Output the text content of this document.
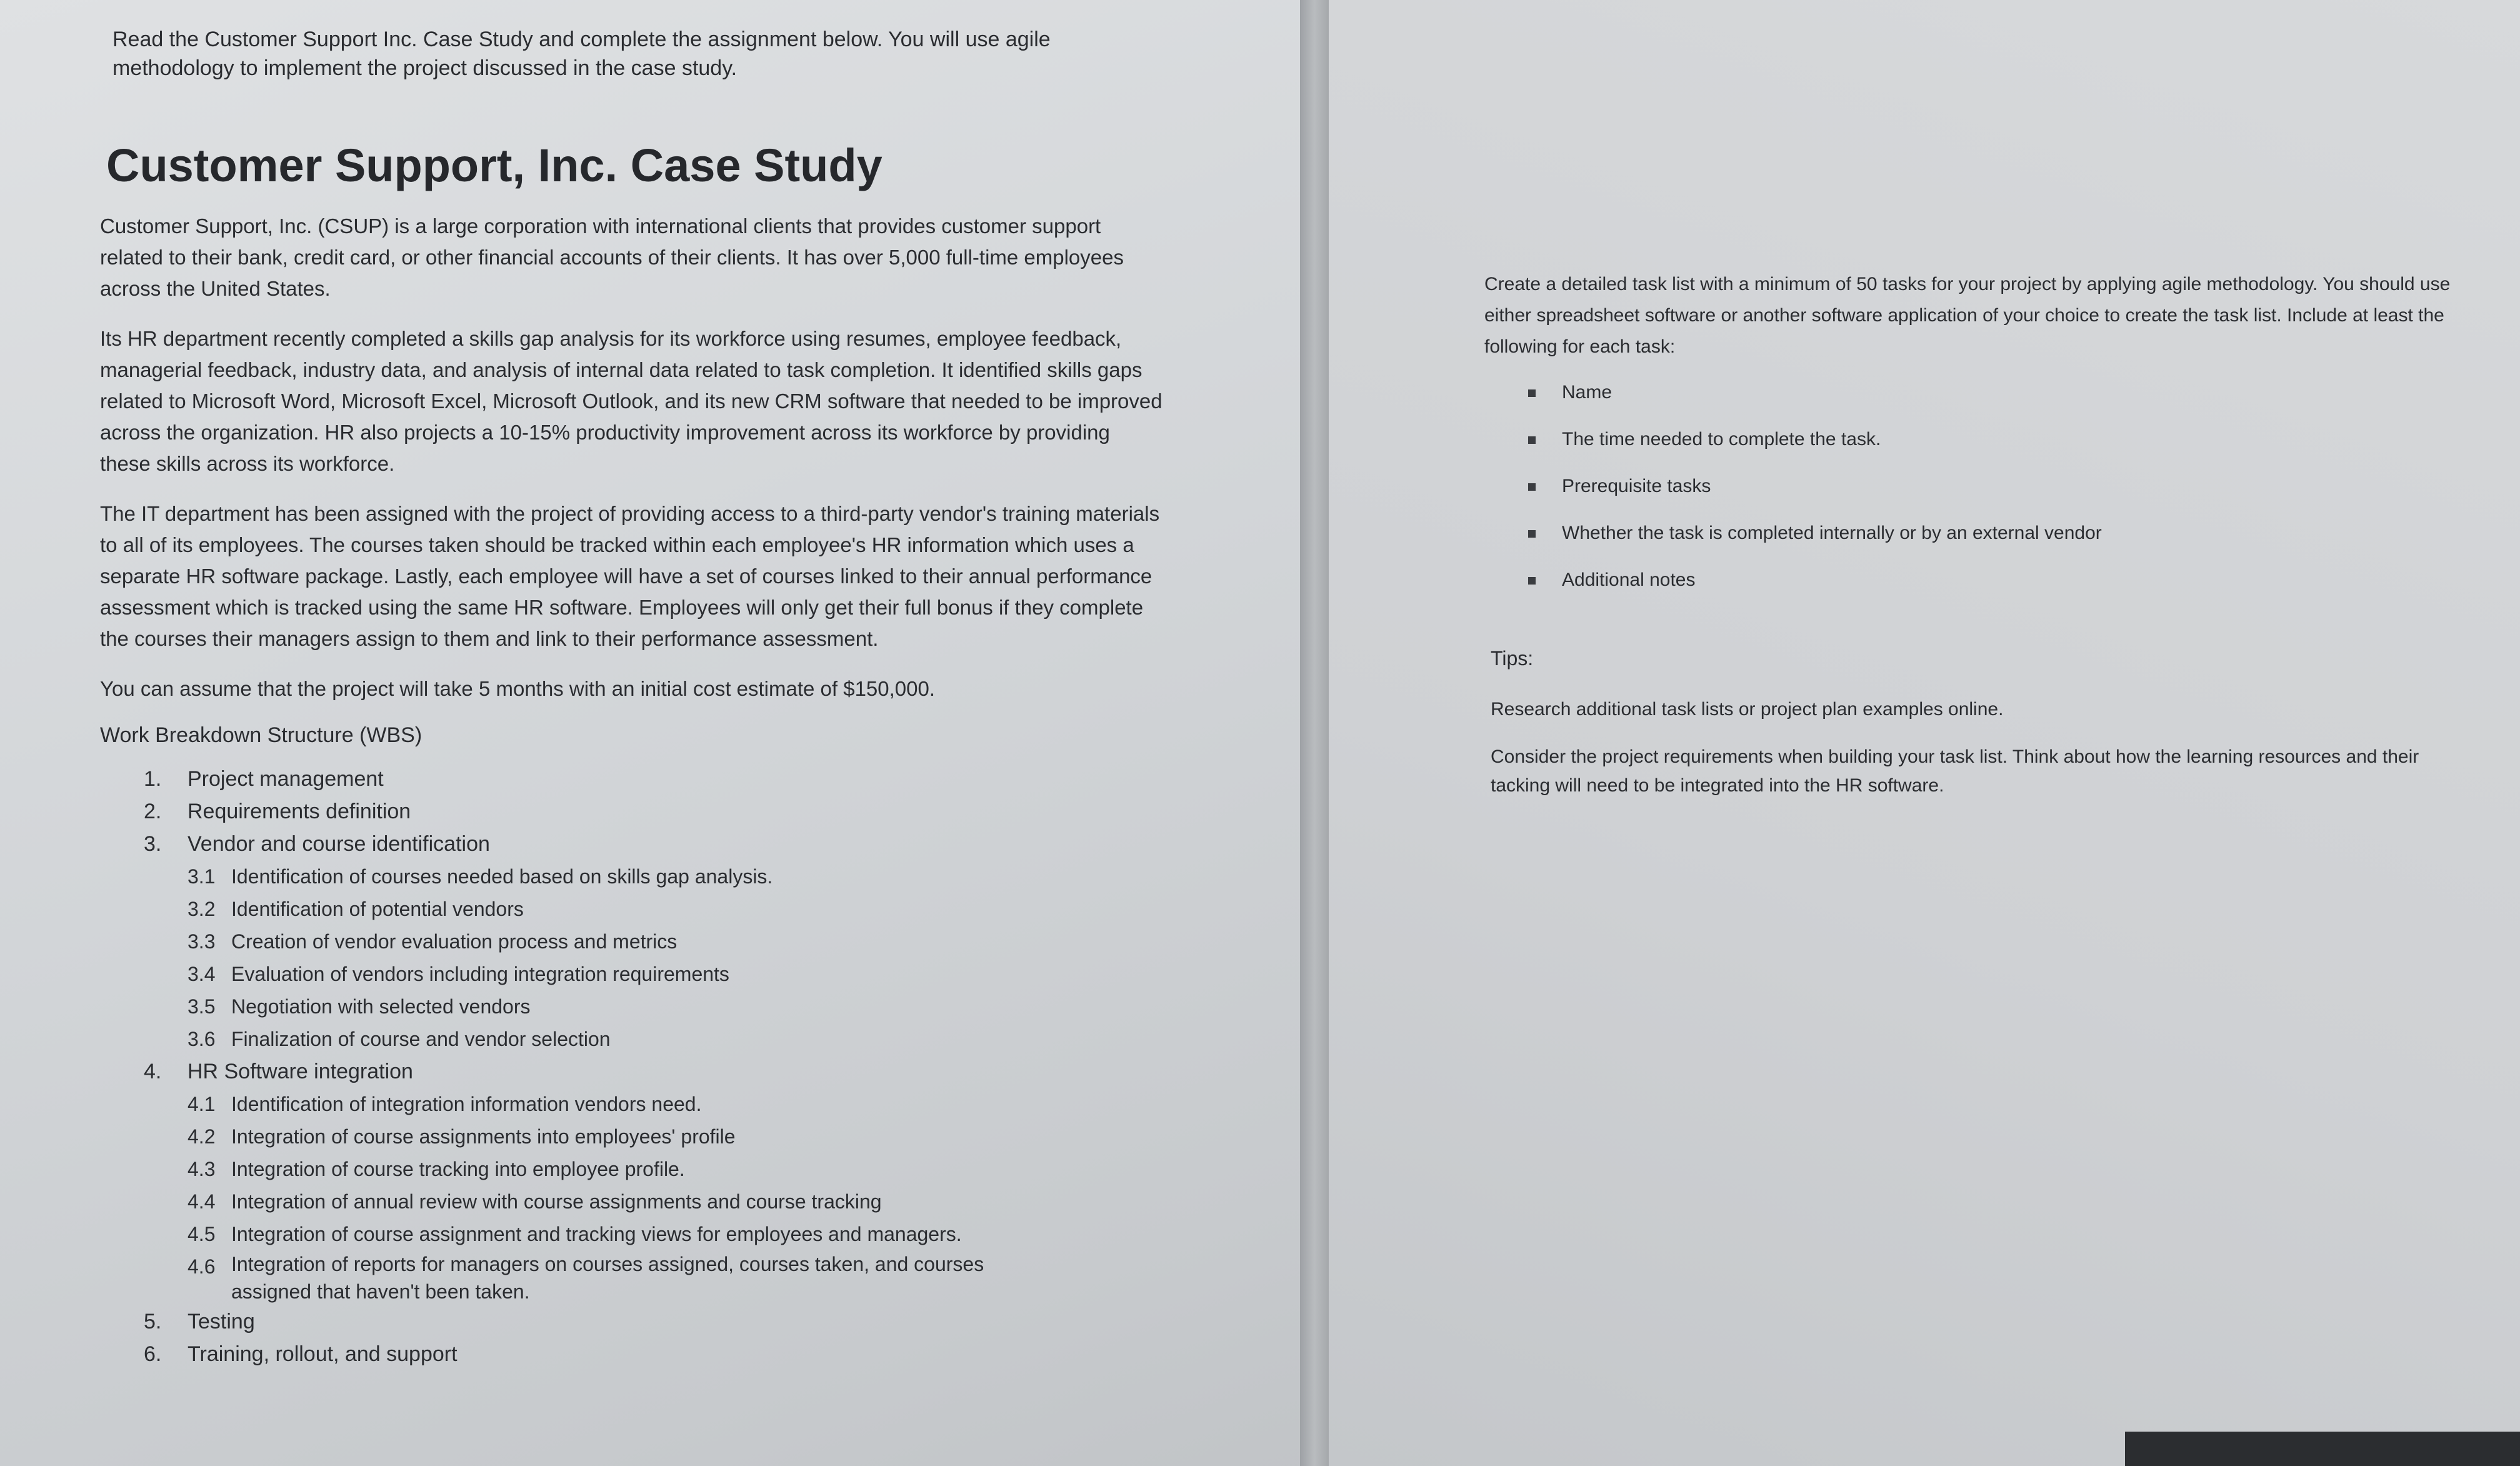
Read the Customer Support Inc. Case Study and complete the assignment below. You will use agile methodology to implement the project discussed in the case study.

Customer Support, Inc. Case Study

Customer Support, Inc. (CSUP) is a large corporation with international clients that provides customer support related to their bank, credit card, or other financial accounts of their clients. It has over 5,000 full-time employees across the United States.

Its HR department recently completed a skills gap analysis for its workforce using resumes, employee feedback, managerial feedback, industry data, and analysis of internal data related to task completion. It identified skills gaps related to Microsoft Word, Microsoft Excel, Microsoft Outlook, and its new CRM software that needed to be improved across the organization. HR also projects a 10-15% productivity improvement across its workforce by providing these skills across its workforce.

The IT department has been assigned with the project of providing access to a third-party vendor's training materials to all of its employees. The courses taken should be tracked within each employee's HR information which uses a separate HR software package. Lastly, each employee will have a set of courses linked to their annual performance assessment which is tracked using the same HR software. Employees will only get their full bonus if they complete the courses their managers assign to them and link to their performance assessment.

You can assume that the project will take 5 months with an initial cost estimate of $150,000.

Work Breakdown Structure (WBS)
1. Project management
2. Requirements definition
3. Vendor and course identification
3.1 Identification of courses needed based on skills gap analysis.
3.2 Identification of potential vendors
3.3 Creation of vendor evaluation process and metrics
3.4 Evaluation of vendors including integration requirements
3.5 Negotiation with selected vendors
3.6 Finalization of course and vendor selection
4. HR Software integration
4.1 Identification of integration information vendors need.
4.2 Integration of course assignments into employees' profile
4.3 Integration of course tracking into employee profile.
4.4 Integration of annual review with course assignments and course tracking
4.5 Integration of course assignment and tracking views for employees and managers.
4.6 Integration of reports for managers on courses assigned, courses taken, and courses assigned that haven't been taken.
5. Testing
6. Training, rollout, and support

Create a detailed task list with a minimum of 50 tasks for your project by applying agile methodology. You should use either spreadsheet software or another software application of your choice to create the task list. Include at least the following for each task:

Name
The time needed to complete the task.
Prerequisite tasks
Whether the task is completed internally or by an external vendor
Additional notes
Tips:

Research additional task lists or project plan examples online.

Consider the project requirements when building your task list. Think about how the learning resources and their tacking will need to be integrated into the HR software.
